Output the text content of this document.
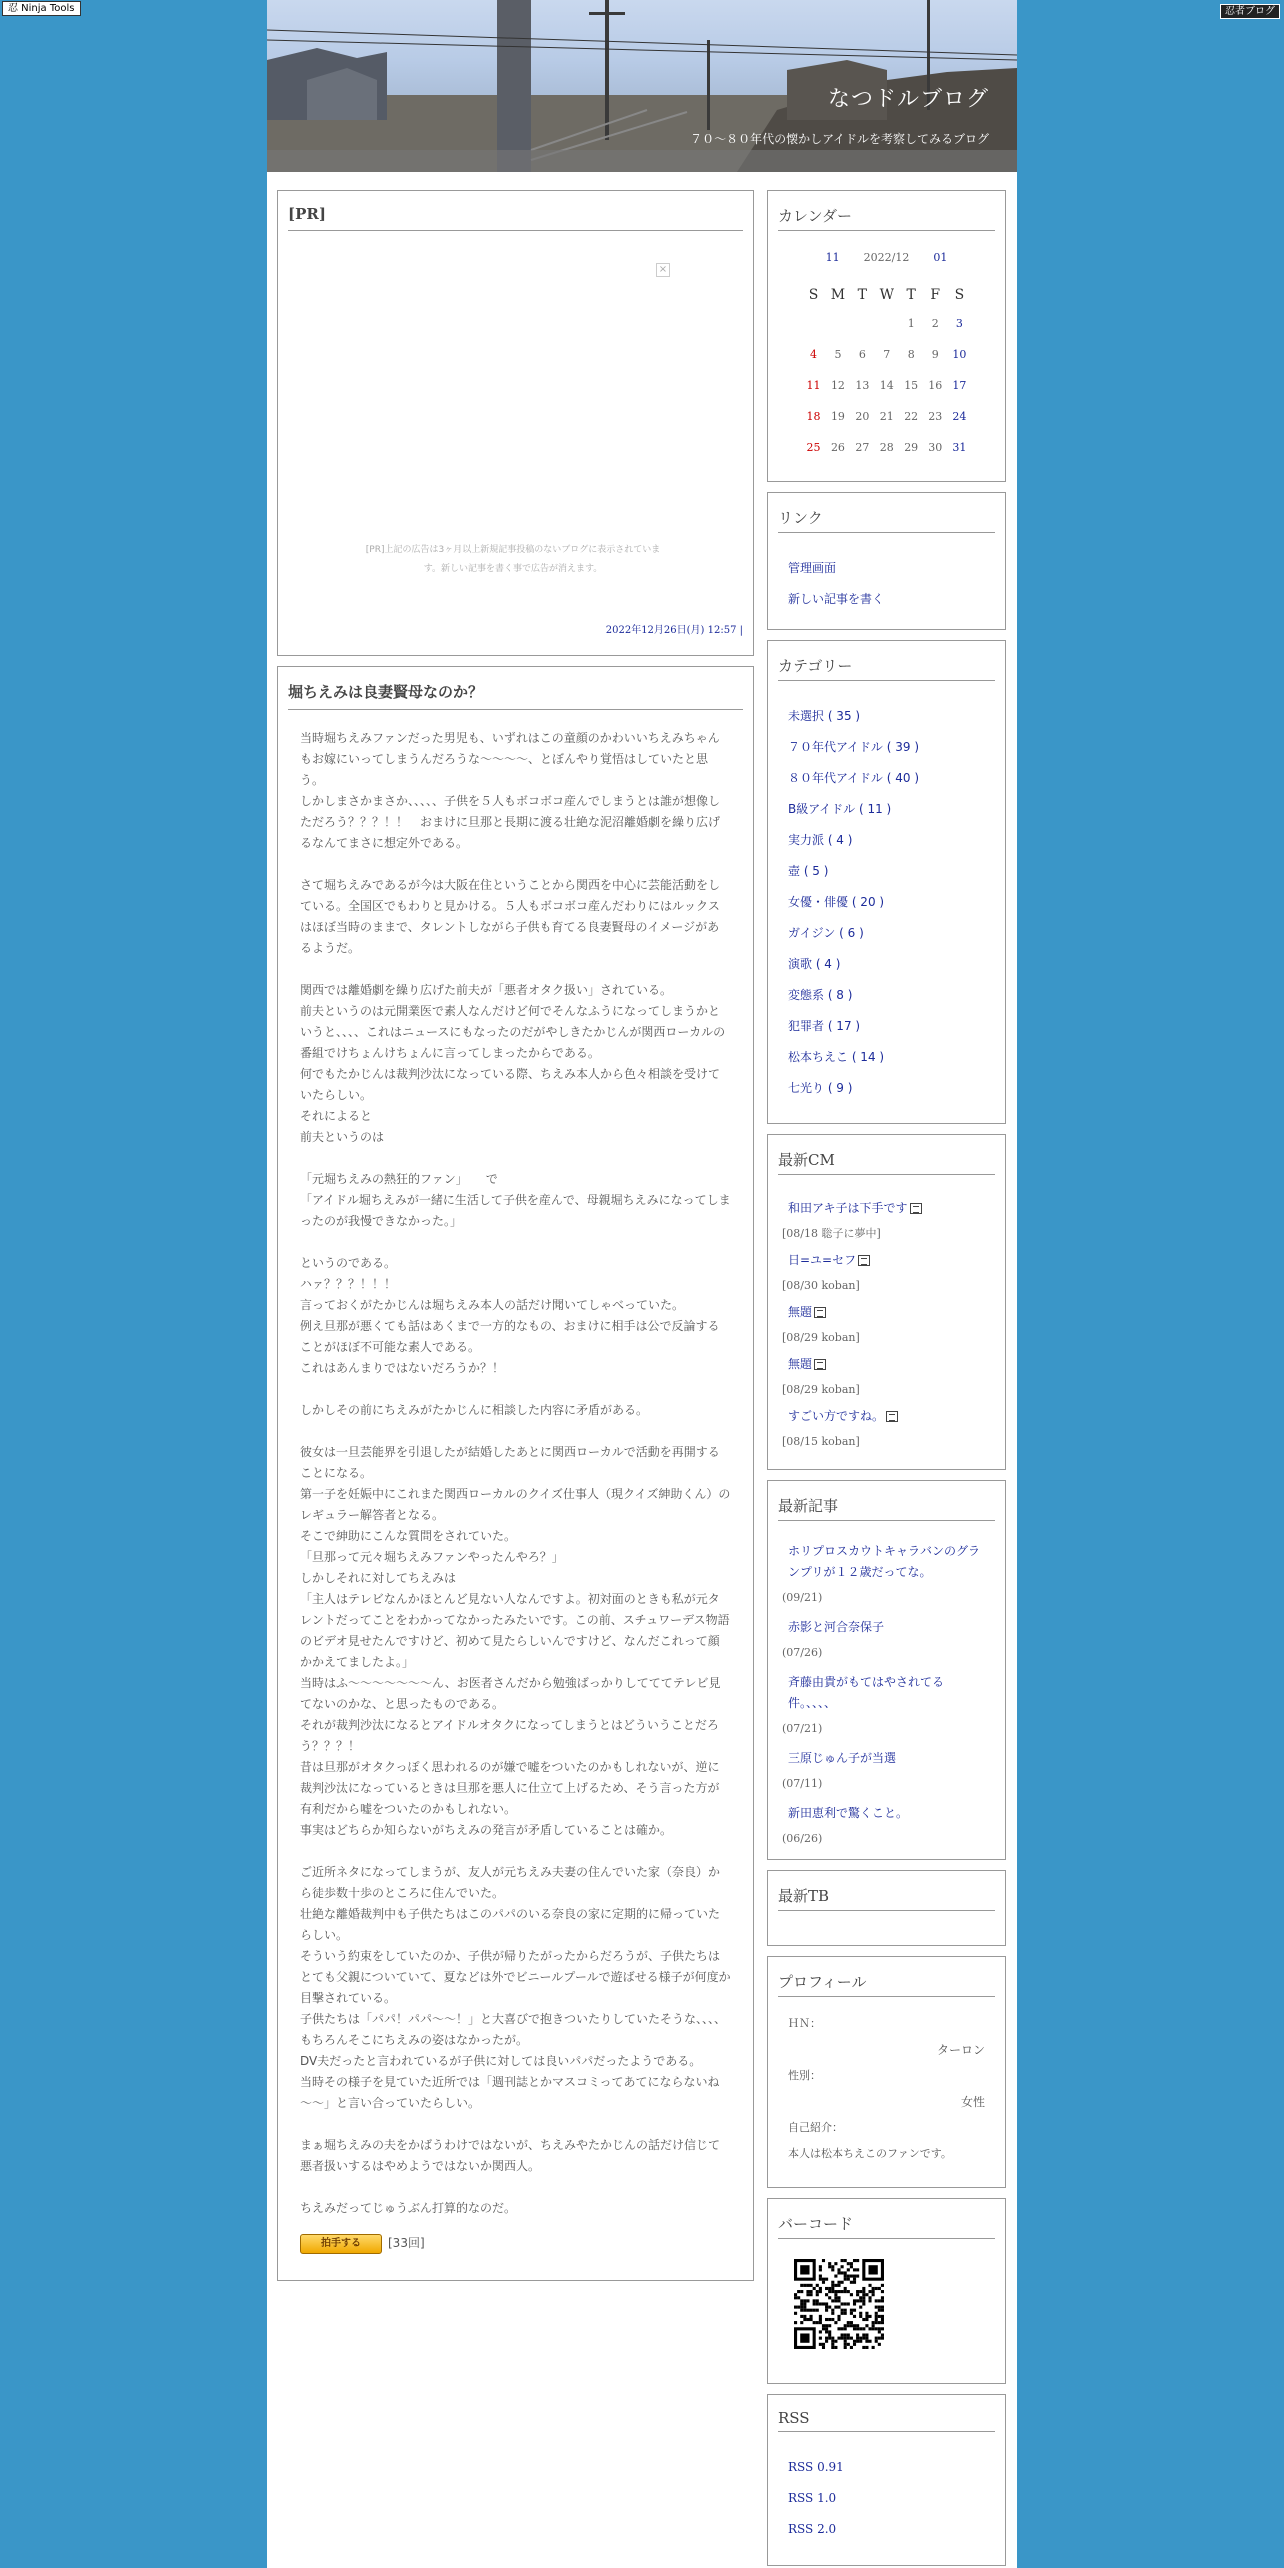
忍 Ninja Tools	忍者ブログ
なつドルブログ
７０～８０年代の懐かしアイドルを考察してみるブログ
[PR]
×
[PR]上記の広告は3ヶ月以上新規記事投稿のないブログに表示されています。新しい記事を書く事で広告が消えます。
2022年12月26日(月) 12:57 |
堀ちえみは良妻賢母なのか？

当時堀ちえみファンだった男児も、いずれはこの童顔のかわいいちえみちゃんもお嫁にいってしまうんだろうな～～～～、とぼんやり覚悟はしていたと思う。
しかしまさかまさか、、、、、子供を５人もボコボコ産んでしまうとは誰が想像しただろう？？？！！　おまけに旦那と長期に渡る壮絶な泥沼離婚劇を繰り広げるなんてまさに想定外である。

さて堀ちえみであるが今は大阪在住ということから関西を中心に芸能活動をしている。全国区でもわりと見かける。５人もボコボコ産んだわりにはルックスはほぼ当時のままで、タレントしながら子供も育てる良妻賢母のイメージがあるようだ。

関西では離婚劇を繰り広げた前夫が「悪者オタク扱い」されている。
前夫というのは元開業医で素人なんだけど何でそんなふうになってしまうかというと、、、、これはニュースにもなったのだがやしきたかじんが関西ローカルの番組でけちょんけちょんに言ってしまったからである。
何でもたかじんは裁判沙汰になっている際、ちえみ本人から色々相談を受けていたらしい。
それによると
前夫というのは

「元堀ちえみの熱狂的ファン」　　で
「アイドル堀ちえみが一緒に生活して子供を産んで、母親堀ちえみになってしまったのが我慢できなかった。」

というのである。
ハァ？？？！！！
言っておくがたかじんは堀ちえみ本人の話だけ聞いてしゃべっていた。
例え旦那が悪くても話はあくまで一方的なもの、おまけに相手は公で反論することがほぼ不可能な素人である。
これはあんまりではないだろうか？！

しかしその前にちえみがたかじんに相談した内容に矛盾がある。

彼女は一旦芸能界を引退したが結婚したあとに関西ローカルで活動を再開することになる。
第一子を妊娠中にこれまた関西ローカルのクイズ仕事人（現クイズ紳助くん）のレギュラー解答者となる。
そこで紳助にこんな質問をされていた。
「旦那って元々堀ちえみファンやったんやろ？」
しかしそれに対してちえみは
「主人はテレビなんかほとんど見ない人なんですよ。初対面のときも私が元タレントだってことをわかってなかったみたいです。この前、スチュワーデス物語のビデオ見せたんですけど、初めて見たらしいんですけど、なんだこれって顔かかえてましたよ。」
当時はふ～～～～～～～ん、お医者さんだから勉強ばっかりしてててテレビ見てないのかな、と思ったものである。
それが裁判沙汰になるとアイドルオタクになってしまうとはどういうことだろう？？？！
昔は旦那がオタクっぽく思われるのが嫌で嘘をついたのかもしれないが、逆に裁判沙汰になっているときは旦那を悪人に仕立て上げるため、そう言った方が有利だから嘘をついたのかもしれない。
事実はどちらか知らないがちえみの発言が矛盾していることは確か。

ご近所ネタになってしまうが、友人が元ちえみ夫妻の住んでいた家（奈良）から徒歩数十歩のところに住んでいた。
壮絶な離婚裁判中も子供たちはこのパパのいる奈良の家に定期的に帰っていたらしい。
そういう約束をしていたのか、子供が帰りたがったからだろうが、子供たちはとても父親についていて、夏などは外でビニールプールで遊ばせる様子が何度か目撃されている。
子供たちは「パパ！パパ～～！」と大喜びで抱きついたりしていたそうな、、、、
もちろんそこにちえみの姿はなかったが。
DV夫だったと言われているが子供に対しては良いパパだったようである。
当時その様子を見ていた近所では「週刊誌とかマスコミってあてにならないね～～」と言い合っていたらしい。

まぁ堀ちえみの夫をかばうわけではないが、ちえみやたかじんの話だけ信じて悪者扱いするはやめようではないか関西人。

ちえみだってじゅうぶん打算的なのだ。

拍手する	[33回]
カレンダー
11 2022/12 01
S	M	T	W	T	F	S
				1	2	3
4	5	6	7	8	9	10
11	12	13	14	15	16	17
18	19	20	21	22	23	24
25	26	27	28	29	30	31
リンク
管理画面
新しい記事を書く
カテゴリー
未選択 ( 35 )
７０年代アイドル ( 39 )
８０年代アイドル ( 40 )
B級アイドル ( 11 )
実力派 ( 4 )
壺 ( 5 )
女優・俳優 ( 20 )
ガイジン ( 6 )
演歌 ( 4 )
変態系 ( 8 )
犯罪者 ( 17 )
松本ちえこ ( 14 )
七光り ( 9 )
最新CM
和田アキ子は下手です
[08/18 聡子に夢中]
日=ユ=セフ
[08/30 koban]
無題
[08/29 koban]
無題
[08/29 koban]
すごい方ですね。
[08/15 koban]
最新記事
ホリプロスカウトキャラバンのグランプリが１２歳だってな。
(09/21)
赤影と河合奈保子
(07/26)
斉藤由貴がもてはやされてる件。、、、、
(07/21)
三原じゅん子が当選
(07/11)
新田恵利で驚くこと。
(06/26)
最新TB
プロフィール
ＨＮ：
ターロン
性別：
女性
自己紹介：
本人は松本ちえこのファンです。
バーコード
RSS
RSS 0.91
RSS 1.0
RSS 2.0
